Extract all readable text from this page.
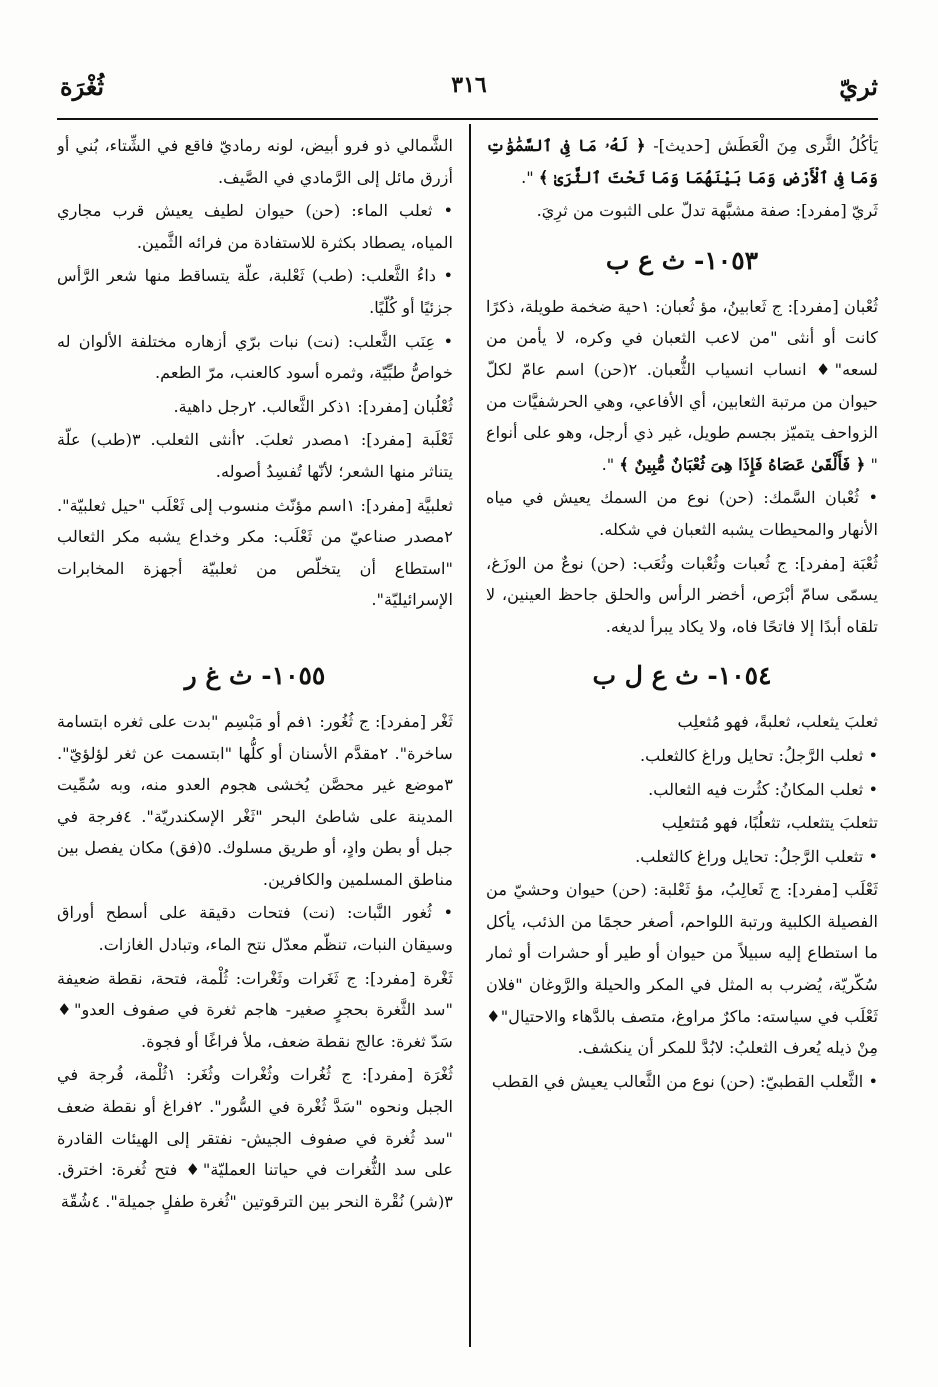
ثريّ
٣١٦
ثُغْرَة

يَأكُلُ الثَّرى مِنَ الْعَطَش [حديث]- ﴿ لَهُۥ مَا فِى ٱلسَّمَٰوَٰتِ وَمَا فِى ٱلْأَرْضِ وَمَا بَيْنَهُمَا وَمَا تَحْتَ ٱلثَّرَىٰ ﴾ ".

ثَريّ [مفرد]: صفة مشبَّهة تدلّ على الثبوت من ثرِيَ.

١٠٥٣- ث ع ب

ثُعْبان [مفرد]: ج ثَعابينُ، مؤ ثُعبان: ١حية ضخمة طويلة، ذكرًا كانت أو أنثى "من لاعب الثعبان في وكره، لا يأمن من لسعه"♦ انساب انسياب الثُّعبان. ٢(حن) اسم عامّ لكلّ حيوان من مرتبة الثعابين، أي الأفاعي، وهي الحرشفيَّات من الزواحف يتميّز بجسم طويل، غير ذي أرجل، وهو على أنواع " ﴿ فَأَلْقَىٰ عَصَاهُ فَإِذَا هِىَ ثُعْبَانٌ مُّبِينٌ ﴾ ".

• ثُعْبان السَّمك: (حن) نوع من السمك يعيش في مياه الأنهار والمحيطات يشبه الثعبان في شكله.

ثُعْبَة [مفرد]: ج ثُعبات وثُعْبات وثُعَب: (حن) نوعٌ من الوزَغ، يسمّى سامّ أبْرَص، أخضر الرأس والحلق جاحظ العينين، لا تلقاه أبدًا إلا فاتحًا فاه، ولا يكاد يبرأ لديغه.

١٠٥٤- ث ع ل ب

ثعلبَ يثعلب، ثعلبةً، فهو مُثعلِب

• ثعلب الرَّجلُ: تحايل وراغ كالثعلب.

• ثعلب المكانُ: كثُرت فيه الثعالب.

تثعلبَ يتثعلب، تثعلُبًا، فهو مُتثعلِب

• تثعلب الرَّجلُ: تحايل وراغ كالثعلب.

ثَعْلَب [مفرد]: ج ثَعالِبُ، مؤ ثَعْلبة: (حن) حيوان وحشيّ من الفصيلة الكلبية ورتبة اللواحم، أصغر حجمًا من الذئب، يأكل ما استطاع إليه سبيلاً من حيوان أو طير أو حشرات أو ثمار سُكّريّة، يُضرب به المثل في المكر والحيلة والرَّوغان "فلان ثَعْلَب في سياسته: ماكرٌ مراوغ، متصف بالدَّهاء والاحتيال"♦ مِنْ ذيله يُعرف الثعلبُ: لابُدَّ للمكر أن ينكشف.

• الثَّعلب القطبيّ: (حن) نوع من الثَّعالب يعيش في القطب

الشَّمالي ذو فرو أبيض، لونه رماديّ فاقع في الشِّتاء، بُني أو أزرق مائل إلى الرَّمادي في الصَّيف.

• ثعلب الماء: (حن) حيوان لطيف يعيش قرب مجاري المياه، يصطاد بكثرة للاستفادة من فرائه الثَّمين.

• داءُ الثَّعلب: (طب) ثَعْلبة، علّة يتساقط منها شعر الرَّأس جزئيًا أو كُلّيًا.

• عِنَب الثَّعلب: (نت) نبات برّي أزهاره مختلفة الألوان له خواصُّ طبِّيّة، وثمره أسود كالعنب، مرّ الطعم.

ثُعْلُبان [مفرد]: ١ذكر الثَّعالب. ٢رجل داهية.

ثَعْلَبة [مفرد]: ١مصدر ثعلبَ. ٢أنثى الثعلب. ٣(طب) علّة يتناثر منها الشعر؛ لأنّها تُفسِدُ أصوله.

ثعلبيَّة [مفرد]: ١اسم مؤنّث منسوب إلى ثَعْلَب "حيل ثعلبيّة". ٢مصدر صناعيّ من ثَعْلَب: مكر وخداع يشبه مكر الثعالب "استطاع أن يتخلّص من ثعلبيّة أجهزة المخابرات الإسرائيليّة".

١٠٥٥- ث غ ر

ثَغْر [مفرد]: ج ثُغُور: ١فم أو مَبْسِم "بدت على ثغره ابتسامة ساخرة". ٢مقدَّم الأسنان أو كلُّها "ابتسمت عن ثغر لؤلؤيّ". ٣موضع غير محصَّن يُخشى هجوم العدو منه، وبه سُمِّيت المدينة على شاطئ البحر "ثَغْر الإسكندريّة". ٤فرجة في جبل أو بطن وادٍ، أو طريق مسلوك. ٥(فق) مكان يفصل بين مناطق المسلمين والكافرين.

• ثُغور النَّبات: (نت) فتحات دقيقة على أسطح أوراق وسيقان النبات، تنظّم معدّل نتح الماء، وتبادل الغازات.

ثَغْرة [مفرد]: ج ثَغَرات وثَغْرات: ثُلْمة، فتحة، نقطة ضعيفة "سد الثَّغرة بحجرٍ صغير- هاجم ثغرة في صفوف العدو"♦ سَدّ ثغرة: عالج نقطة ضعف، ملأ فراغًا أو فجوة.

ثُغْرَة [مفرد]: ج ثُغُرات وثُغْرات وثُغَر: ١ثُلْمة، فُرجة في الجبل ونحوه "سَدَّ ثُغْرة في السُّور". ٢فراغ أو نقطة ضعف "سد ثُغرة في صفوف الجيش- نفتقر إلى الهيئات القادرة على سد الثُّغرات في حياتنا العمليّة"♦ فتح ثُغرة: اخترق. ٣(شر) نُقْرة النحر بين الترقوتين "ثُغرة طفلٍ جميلة". ٤شُقّة
